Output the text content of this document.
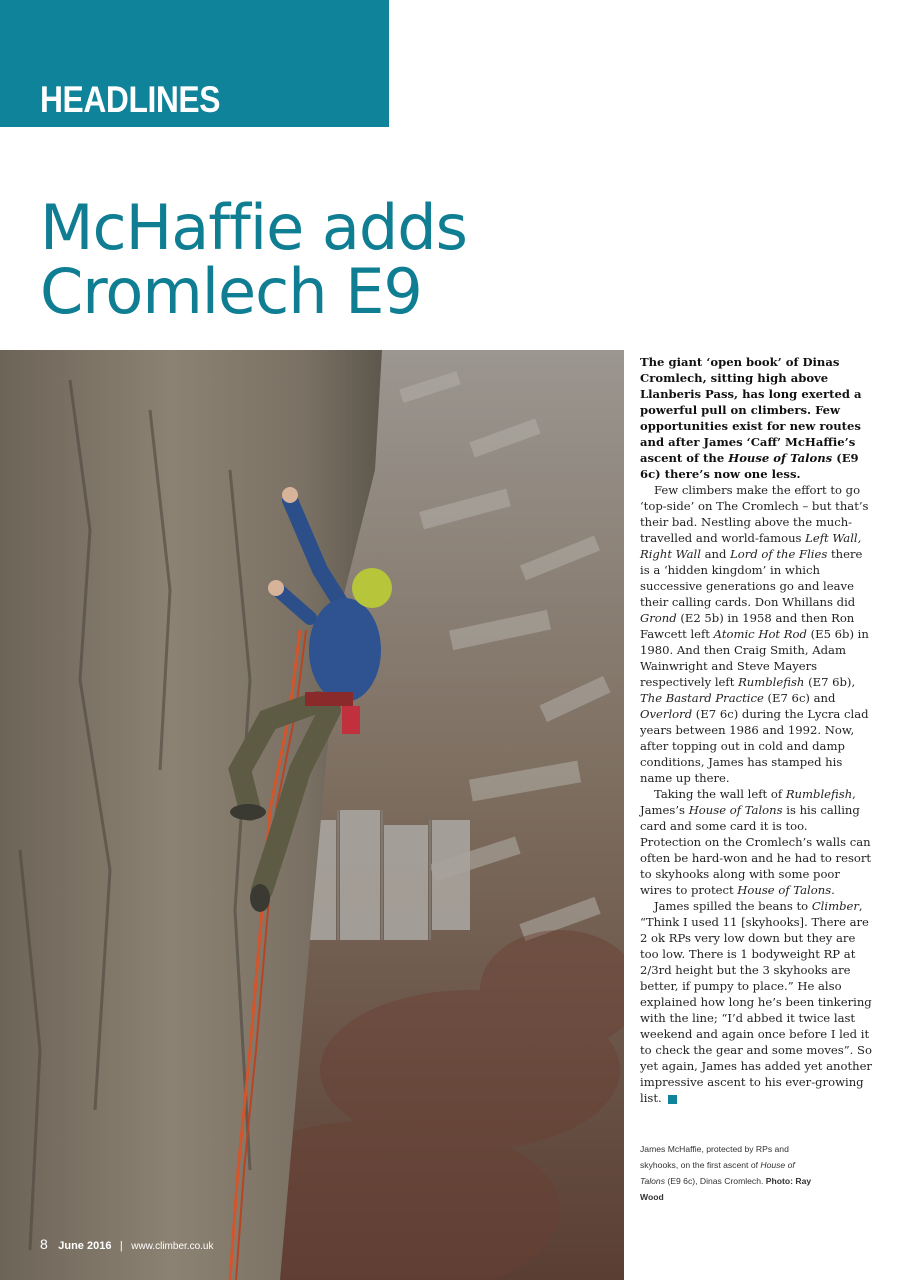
HEADLINES
McHaffie adds
Cromlech E9

The giant ‘open book’ of Dinas Cromlech, sitting high above Llanberis Pass, has long exerted a powerful pull on climbers. Few opportunities exist for new routes and after James ‘Caff’ McHaffie’s ascent of the House of Talons (E9 6c) there’s now one less.

Few climbers make the effort to go ‘top-side’ on The Cromlech – but that’s their bad. Nestling above the much-travelled and world-famous Left Wall, Right Wall and Lord of the Flies there is a ‘hidden kingdom’ in which successive generations go and leave their calling cards. Don Whillans did Grond (E2 5b) in 1958 and then Ron Fawcett left Atomic Hot Rod (E5 6b) in 1980. And then Craig Smith, Adam Wainwright and Steve Mayers respectively left Rumblefish (E7 6b), The Bastard Practice (E7 6c) and Overlord (E7 6c) during the Lycra clad years between 1986 and 1992. Now, after topping out in cold and damp conditions, James has stamped his name up there.

Taking the wall left of Rumblefish, James’s House of Talons is his calling card and some card it is too. Protection on the Cromlech’s walls can often be hard-won and he had to resort to skyhooks along with some poor wires to protect House of Talons.

James spilled the beans to Climber, “Think I used 11 [skyhooks]. There are 2 ok RPs very low down but they are too low. There is 1 bodyweight RP at 2/3rd height but the 3 skyhooks are better, if pumpy to place.” He also explained how long he’s been tinkering with the line; “I’d abbed it twice last weekend and again once before I led it to check the gear and some moves”. So yet again, James has added yet another impressive ascent to his ever-growing list.

James McHaffie, protected by RPs and skyhooks, on the first ascent of House of Talons (E9 6c), Dinas Cromlech. Photo: Ray Wood

8 June 2016 | www.climber.co.uk
